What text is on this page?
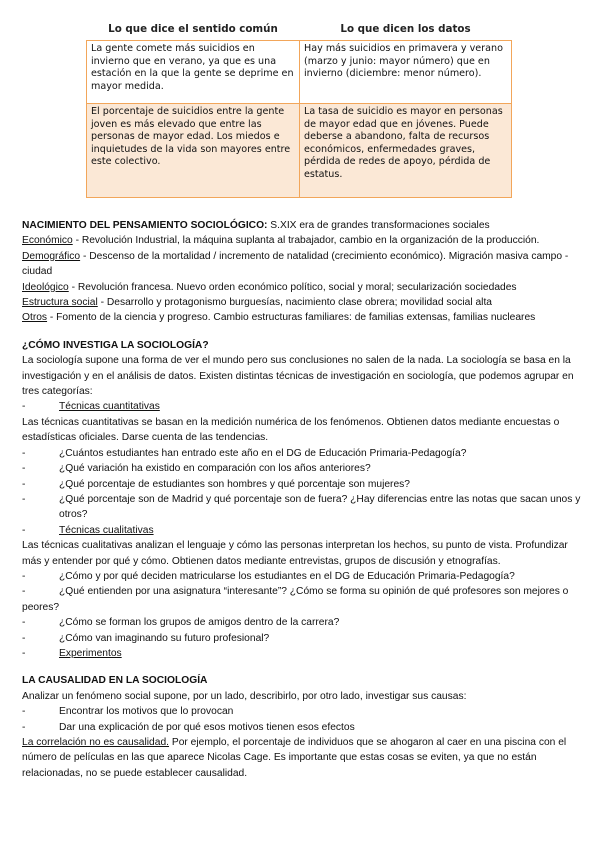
Lo que dice el sentido común	Lo que dicen los datos
La gente comete más suicidios en invierno que en verano, ya que es una estación en la que la gente se deprime en mayor medida.	Hay más suicidios en primavera y verano (marzo y junio: mayor número) que en invierno (diciembre: menor número).
El porcentaje de suicidios entre la gente joven es más elevado que entre las personas de mayor edad. Los miedos e inquietudes de la vida son mayores entre este colectivo.	La tasa de suicidio es mayor en personas de mayor edad que en jóvenes. Puede deberse a abandono, falta de recursos económicos, enfermedades graves, pérdida de redes de apoyo, pérdida de estatus.

NACIMIENTO DEL PENSAMIENTO SOCIOLÓGICO: S.XIX era de grandes transformaciones sociales

Económico - Revolución Industrial, la máquina suplanta al trabajador, cambio en la organización de la producción.

Demográfico - Descenso de la mortalidad / incremento de natalidad (crecimiento económico). Migración masiva campo - ciudad

Ideológico - Revolución francesa. Nuevo orden económico político, social y moral; secularización sociedades

Estructura social - Desarrollo y protagonismo burguesías, nacimiento clase obrera; movilidad social alta

Otros - Fomento de la ciencia y progreso. Cambio estructuras familiares: de familias extensas, familias nucleares

¿CÓMO INVESTIGA LA SOCIOLOGÍA?

La sociología supone una forma de ver el mundo pero sus conclusiones no salen de la nada. La sociología se basa en la investigación y en el análisis de datos. Existen distintas técnicas de investigación en sociología, que podemos agrupar en tres categorías:

-	Técnicas cuantitativas

Las técnicas cuantitativas se basan en la medición numérica de los fenómenos. Obtienen datos mediante encuestas o estadísticas oficiales. Darse cuenta de las tendencias.

-	¿Cuántos estudiantes han entrado este año en el DG de Educación Primaria-Pedagogía?

-	¿Qué variación ha existido en comparación con los años anteriores?

-	¿Qué porcentaje de estudiantes son hombres y qué porcentaje son mujeres?

-	¿Qué porcentaje son de Madrid y qué porcentaje son de fuera? ¿Hay diferencias entre las notas que sacan unos y otros?

-	Técnicas cualitativas

Las técnicas cualitativas analizan el lenguaje y cómo las personas interpretan los hechos, su punto de vista. Profundizar más y entender por qué y cómo. Obtienen datos mediante entrevistas, grupos de discusión y etnografías.

-	¿Cómo y por qué deciden matricularse los estudiantes en el DG de Educación Primaria-Pedagogía?

-	¿Qué entienden por una asignatura “interesante”? ¿Cómo se forma su opinión de qué profesores son mejores o peores?

-	¿Cómo se forman los grupos de amigos dentro de la carrera?

-	¿Cómo van imaginando su futuro profesional?

-	Experimentos

LA CAUSALIDAD EN LA SOCIOLOGÍA

Analizar un fenómeno social supone, por un lado, describirlo, por otro lado, investigar sus causas:

-	Encontrar los motivos que lo provocan

-	Dar una explicación de por qué esos motivos tienen esos efectos

La correlación no es causalidad. Por ejemplo, el porcentaje de individuos que se ahogaron al caer en una piscina con el número de películas en las que aparece Nicolas Cage. Es importante que estas cosas se eviten, ya que no están relacionadas, no se puede establecer causalidad.
